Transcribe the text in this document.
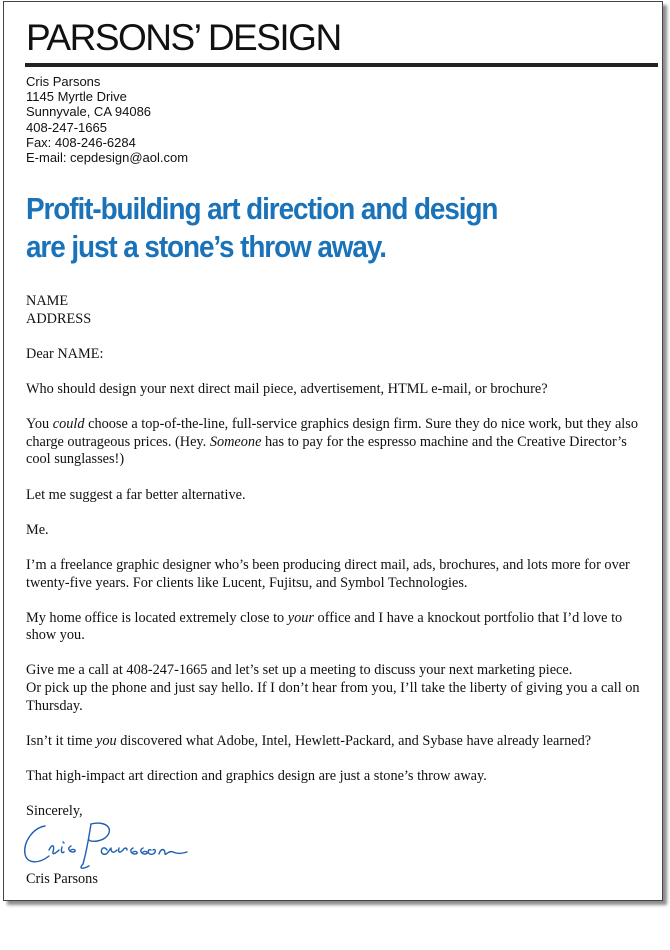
PARSONS’ DESIGN
Cris Parsons
1145 Myrtle Drive
Sunnyvale, CA 94086
408-247-1665
Fax: 408-246-6284
E-mail: cepdesign@aol.com
Profit-building art direction and design
are just a stone’s throw away.

NAME

ADDRESS

Dear NAME:

Who should design your next direct mail piece, advertisement, HTML e-mail, or brochure?

You could choose a top-of-the-line, full-service graphics design firm. Sure they do nice work, but they also charge outrageous prices. (Hey. Someone has to pay for the espresso machine and the Creative Director’s cool sunglasses!)

Let me suggest a far better alternative.

Me.

I’m a freelance graphic designer who’s been producing direct mail, ads, brochures, and lots more for over twenty-five years. For clients like Lucent, Fujitsu, and Symbol Technologies.

My home office is located extremely close to your office and I have a knockout portfolio that I’d love to show you.

Give me a call at 408-247-1665 and let’s set up a meeting to discuss your next marketing piece.

Or pick up the phone and just say hello. If I don’t hear from you, I’ll take the liberty of giving you a call on Thursday.

Isn’t it time you discovered what Adobe, Intel, Hewlett-Packard, and Sybase have already learned?

That high-impact art direction and graphics design are just a stone’s throw away.

Sincerely,

Cris Parsons
